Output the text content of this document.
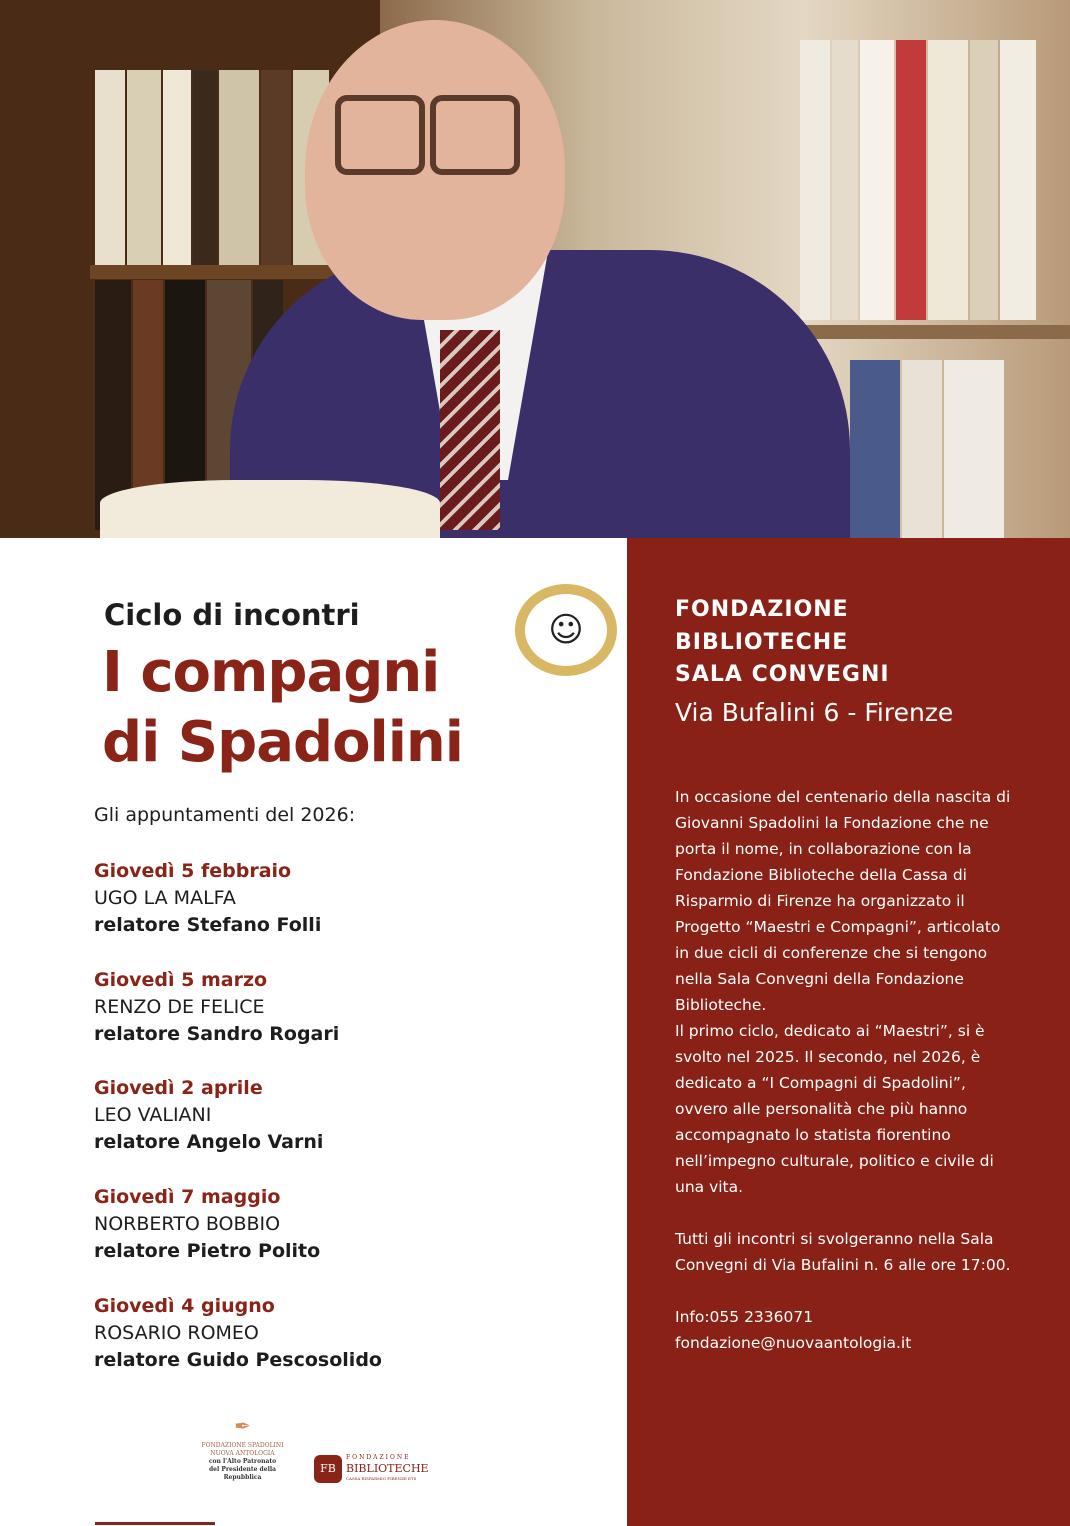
Ciclo di incontri
I compagni
di Spadolini
☺
Gli appuntamenti del 2026:
Giovedì 5 febbraio
UGO LA MALFA
relatore Stefano Folli
Giovedì 5 marzo
RENZO DE FELICE
relatore Sandro Rogari
Giovedì 2 aprile
LEO VALIANI
relatore Angelo Varni
Giovedì 7 maggio
NORBERTO BOBBIO
relatore Pietro Polito
Giovedì 4 giugno
ROSARIO ROMEO
relatore Guido Pescosolido
✒
FONDAZIONE SPADOLINI
NUOVA ANTOLOGIA
con l'Alto Patronato
del Presidente della Repubblica
FB
FONDAZIONE
BIBLIOTECHE
CASSA RISPARMIO FIRENZE ETS
FONDAZIONE
BIBLIOTECHE
SALA CONVEGNI
Via Bufalini 6 - Firenze
In occasione del centenario della nascita di Giovanni Spadolini la Fondazione che ne porta il nome, in collaborazione con la Fondazione Biblioteche della Cassa di Risparmio di Firenze ha organizzato il Progetto “Maestri e Compagni”, articolato in due cicli di conferenze che si tengono nella Sala Convegni della Fondazione Biblioteche.

Il primo ciclo, dedicato ai “Maestri”, si è svolto nel 2025. Il secondo, nel 2026, è dedicato a “I Compagni di Spadolini”, ovvero alle personalità che più hanno accompagnato lo statista fiorentino nell’impegno culturale, politico e civile di una vita.

Tutti gli incontri si svolgeranno nella Sala Convegni di Via Bufalini n. 6 alle ore 17:00.

Info:055 2336071
fondazione@nuovaantologia.it
